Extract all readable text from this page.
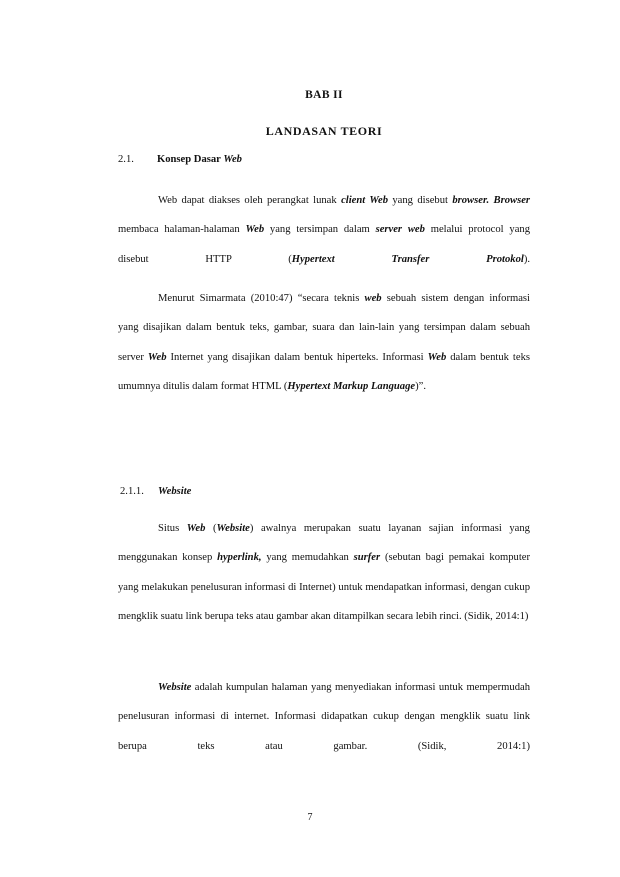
BAB II
LANDASAN TEORI
2.1. Konsep Dasar Web

Web dapat diakses oleh perangkat lunak client Web yang disebut browser. Browser membaca halaman-halaman Web yang tersimpan dalam server web melalui protocol yang disebut HTTP (Hypertext Transfer Protokol).

Menurut Simarmata (2010:47) “secara teknis web sebuah sistem dengan informasi yang disajikan dalam bentuk teks, gambar, suara dan lain-lain yang tersimpan dalam sebuah server Web Internet yang disajikan dalam bentuk hiperteks. Informasi Web dalam bentuk teks umumnya ditulis dalam format HTML (Hypertext Markup Language)”.

2.1.1. Website

Situs Web (Website) awalnya merupakan suatu layanan sajian informasi yang menggunakan konsep hyperlink, yang memudahkan surfer (sebutan bagi pemakai komputer yang melakukan penelusuran informasi di Internet) untuk mendapatkan informasi, dengan cukup mengklik suatu link berupa teks atau gambar akan ditampilkan secara lebih rinci. (Sidik, 2014:1)

Website adalah kumpulan halaman yang menyediakan informasi untuk mempermudah penelusuran informasi di internet. Informasi didapatkan cukup dengan mengklik suatu link berupa teks atau gambar. (Sidik, 2014:1)

7
